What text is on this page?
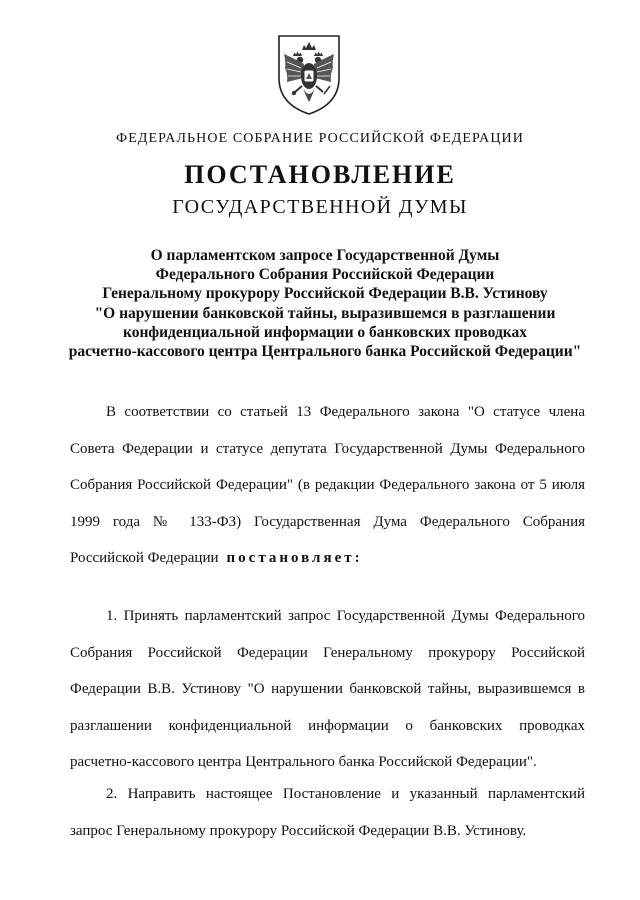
ФЕДЕРАЛЬНОЕ СОБРАНИЕ РОССИЙСКОЙ ФЕДЕРАЦИИ
ПОСТАНОВЛЕНИЕ
ГОСУДАРСТВЕННОЙ ДУМЫ
О парламентском запросе Государственной Думы
Федерального Собрания Российской Федерации
Генеральному прокурору Российской Федерации В.В. Устинову
"О нарушении банковской тайны, выразившемся в разглашении
конфиденциальной информации о банковских проводках
расчетно-кассового центра Центрального банка Российской Федерации"
В соответствии со статьей 13 Федерального закона "О статусе члена
Совета Федерации и статусе депутата Государственной Думы Федерального
Собрания Российской Федерации" (в редакции Федерального закона от 5 июля
1999 года № 133-ФЗ) Государственная Дума Федерального Собрания
Российской Федерации постановляет:
1. Принять парламентский запрос Государственной Думы Федерального
Собрания Российской Федерации Генеральному прокурору Российской
Федерации В.В. Устинову "О нарушении банковской тайны, выразившемся в
разглашении конфиденциальной информации о банковских проводках
расчетно-кассового центра Центрального банка Российской Федерации".
2. Направить настоящее Постановление и указанный парламентский
запрос Генеральному прокурору Российской Федерации В.В. Устинову.
